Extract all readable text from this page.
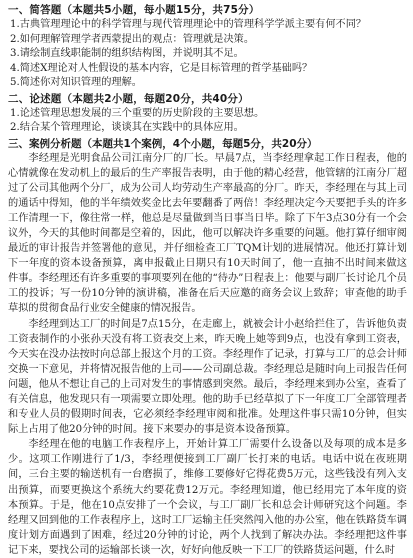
一、简答题（本题共5小题，每小题15分，共75分）
1.古典管理理论中的科学管理与现代管理理论中的管理科学学派主要有何不同？
2.如何理解管理学者西蒙提出的观点：管理就是决策。
3.请绘制直线职能制的组织结构图，并说明其不足。
4.简述X理论对人性假设的基本内容，它是目标管理的哲学基础吗？
5.简述你对知识管理的理解。
二、论述题（本题共2小题，每题20分，共40分）
1.论述管理思想发展的三个重要的历史阶段的主要思想。
2.结合某个管理理论，谈谈其在实践中的具体应用。
三、案例分析题（本题共1个案例，4个小题，每题5分，共20分）

李经理是光明食品公司江南分厂的厂长。早晨7点，当李经理拿起工作日程表，他的心情就像在发动机上的最后的生产率报告表明，由于他的精心经营，他管辖的江南分厂超过了公司其他两个分厂，成为公司人均劳动生产率最高的分厂。昨天，李经理在与其上司的通话中得知，他的半年绩效奖金比去年要翻番了两倍！李经理决定今天要把手头的许多工作清理一下，像往常一样，他总是尽量做到当日事当日毕。除了下午3点30分有一个会议外，今天的其他时间都是空着的，因此，他可以解决许多重要的问题。他打算仔细审阅最近的审计报告并签署他的意见，并仔细检查工厂TQM计划的进展情况。他还打算计划下一年度的资本设备预算，离申报截止日期只有10天时间了，他一直抽不出时间来做这件事。李经理还有许多重要的事项要列在他的“待办”日程表上：他要与副厂长讨论几个员工的投诉；写一份10分钟的演讲稿，准备在后天应邀的商务会议上致辞；审查他的助手草拟的贯彻食品行业安全健康的情况报告。

李经理到达工厂的时间是7点15分，在走廊上，就被会计小赵给拦住了，告诉他负责工资表制作的小张孙天没有将工资表交上来，昨天晚上她等到9点，也没有拿到工资表，今天实在没办法按时向总部上报这个月的工资。李经理作了记录，打算与工厂的总会计师交换一下意见，并将情况报告他的上司——公司副总裁。李经理总是随时向上司报告任何问题，他从不想让自己的上司对发生的事情感到突然。最后，李经理来到办公室，查看了有关信息，他发现只有一项需要立即处理。他的助手已经草拟了下一年度工厂全部管理者和专业人员的假期时间表，它必须经李经理审阅和批准。处理这件事只需10分钟，但实际上占用了他20分钟的时间。接下来要办的事是资本设备预算。

李经理在他的电脑工作表程序上，开始计算工厂需要什么设备以及每项的成本是多少。这项工作刚进行了1/3，李经理便接到工厂副厂长打来的电话。电话中说在夜班期间，三台主要的输送机有一台磨损了，维修工要修好它得花费5万元，这些钱没有列入支出预算，而要更换这个系统大约要花费12万元。李经理知道，他已经用完了本年度的资本预算。于是，他在10点安排了一个会议，与工厂副厂长和总会计师研究这个问题。李经理又回到他的工作表程序上，这时工厂运输主任突然闯入他的办公室，他在铁路货车调度计划方面遇到了困难，经过20分钟的讨论，两个人找到了解决办法。李经理把这件事记下来，要找公司的运输部长谈一次，好好向他反映一下工厂的铁路货运问题，什么时
